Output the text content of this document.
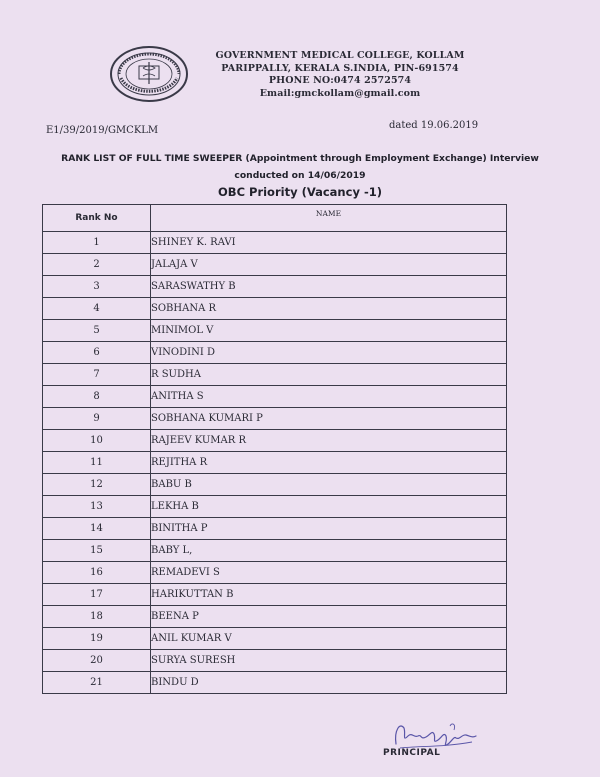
GOVERNMENT MEDICAL COLLEGE, KOLLAM
PARIPPALLY, KERALA S.INDIA, PIN-691574
PHONE NO:0474 2572574
Email:gmckollam@gmail.com
E1/39/2019/GMCKLM	dated 19.06.2019
RANK LIST OF FULL TIME SWEEPER (Appointment through Employment Exchange) Interview
conducted on 14/06/2019
OBC Priority (Vacancy -1)
Rank No	NAME
1	SHINEY K. RAVI
2	JALAJA V
3	SARASWATHY B
4	SOBHANA R
5	MINIMOL V
6	VINODINI D
7	R SUDHA
8	ANITHA S
9	SOBHANA KUMARI P
10	RAJEEV KUMAR R
11	REJITHA R
12	BABU B
13	LEKHA B
14	BINITHA P
15	BABY L,
16	REMADEVI S
17	HARIKUTTAN B
18	BEENA P
19	ANIL KUMAR V
20	SURYA SURESH
21	BINDU D
PRINCIPAL
